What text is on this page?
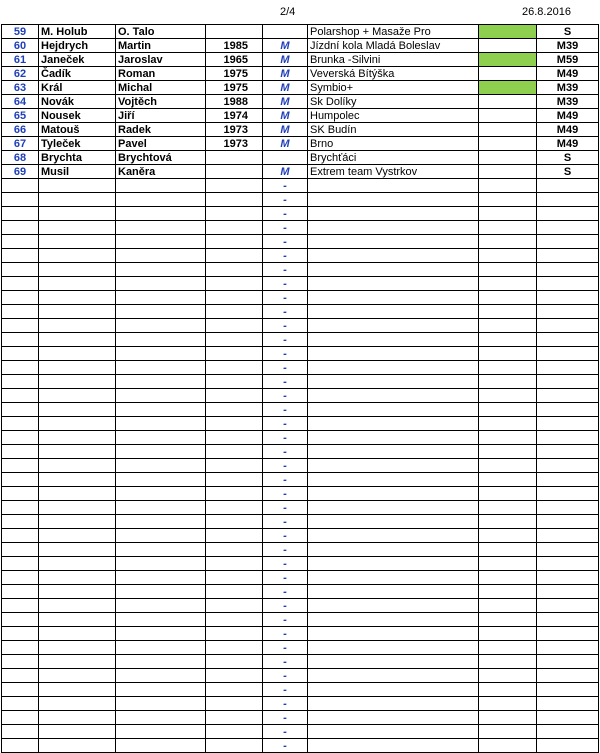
2/4	26.8.2016
59	M. Holub	O. Talo			Polarshop + Masaže Pro		S
60	Hejdrych	Martin	1985	M	Jízdní kola Mladá Boleslav		M39
61	Janeček	Jaroslav	1965	M	Brunka -Silvini		M59
62	Čadík	Roman	1975	M	Veverská Bítýška		M49
63	Král	Michal	1975	M	Symbio+		M39
64	Novák	Vojtěch	1988	M	Sk Dolíky		M39
65	Nousek	Jiří	1974	M	Humpolec		M49
66	Matouš	Radek	1973	M	SK Budín		M49
67	Tyleček	Pavel	1973	M	Brno		M49
68	Brychta	Brychtová			Brychťáci		S
69	Musil	Kaněra		M	Extrem team Vystrkov		S
				-			
				-			
				-			
				-			
				-			
				-			
				-			
				-			
				-			
				-			
				-			
				-			
				-			
				-			
				-			
				-			
				-			
				-			
				-			
				-			
				-			
				-			
				-			
				-			
				-			
				-			
				-			
				-			
				-			
				-			
				-			
				-			
				-			
				-			
				-			
				-			
				-			
				-			
				-			
				-			
				-			
